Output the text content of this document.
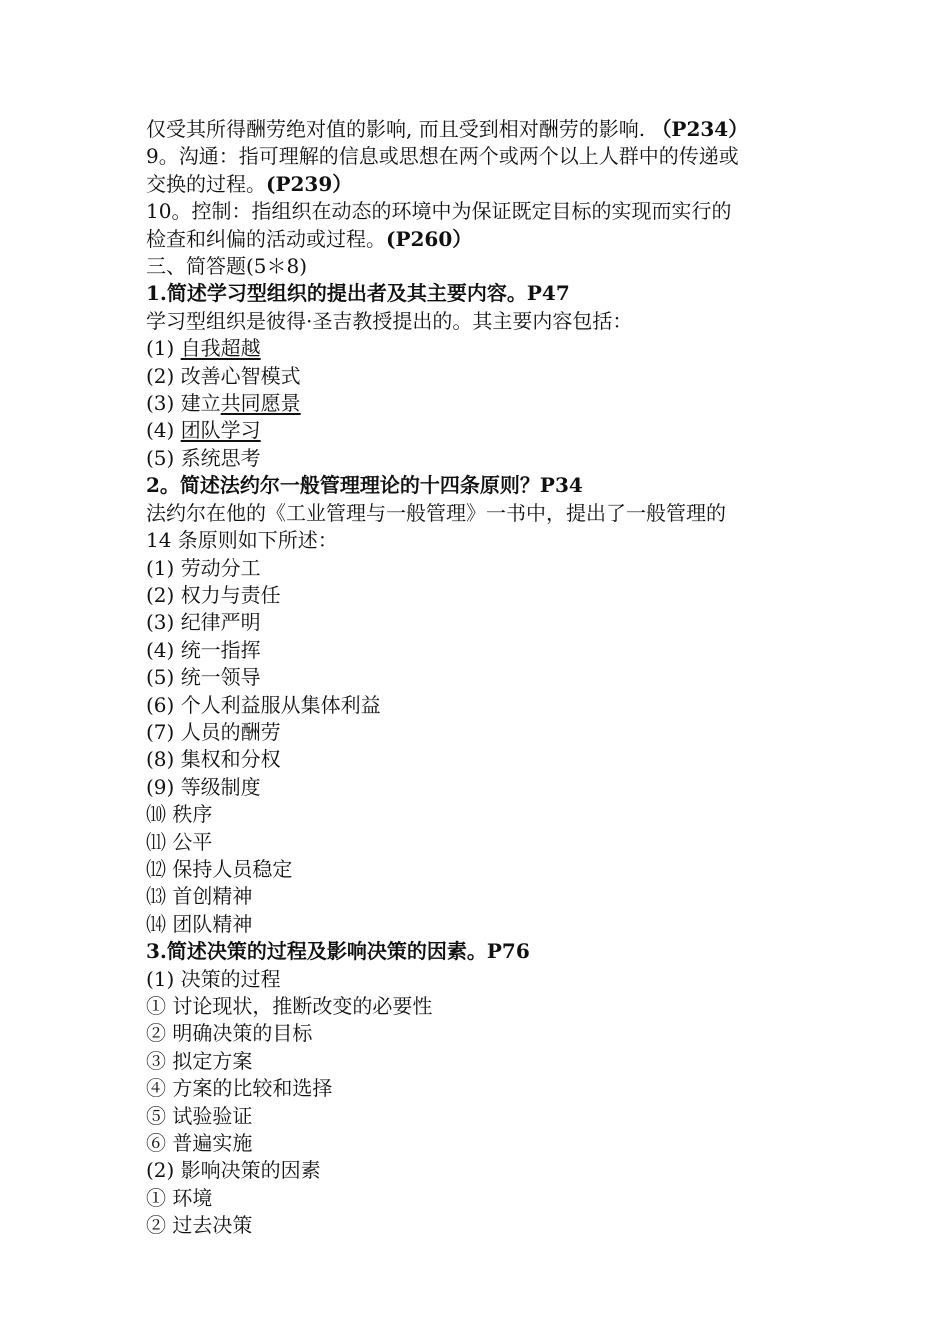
仅受其所得酬劳绝对值的影响, 而且受到相对酬劳的影响. （P234）

9。沟通：指可理解的信息或思想在两个或两个以上人群中的传递或

交换的过程。(P239）

10。控制：指组织在动态的环境中为保证既定目标的实现而实行的

检查和纠偏的活动或过程。(P260）

三、简答题(5＊8)

1.简述学习型组织的提出者及其主要内容。P47

学习型组织是彼得·圣吉教授提出的。其主要内容包括：

(1) 自我超越

(2) 改善心智模式

(3) 建立共同愿景

(4) 团队学习

(5) 系统思考

2。简述法约尔一般管理理论的十四条原则？P34

法约尔在他的《工业管理与一般管理》一书中，提出了一般管理的

14 条原则如下所述：

(1) 劳动分工

(2) 权力与责任

(3) 纪律严明

(4) 统一指挥

(5) 统一领导

(6) 个人利益服从集体利益

(7) 人员的酬劳

(8) 集权和分权

(9) 等级制度

⑽ 秩序

⑾ 公平

⑿ 保持人员稳定

⒀ 首创精神

⒁ 团队精神

3.简述决策的过程及影响决策的因素。P76

(1) 决策的过程

① 讨论现状，推断改变的必要性

② 明确决策的目标

③ 拟定方案

④ 方案的比较和选择

⑤ 试验验证

⑥ 普遍实施

(2) 影响决策的因素

① 环境

② 过去决策
